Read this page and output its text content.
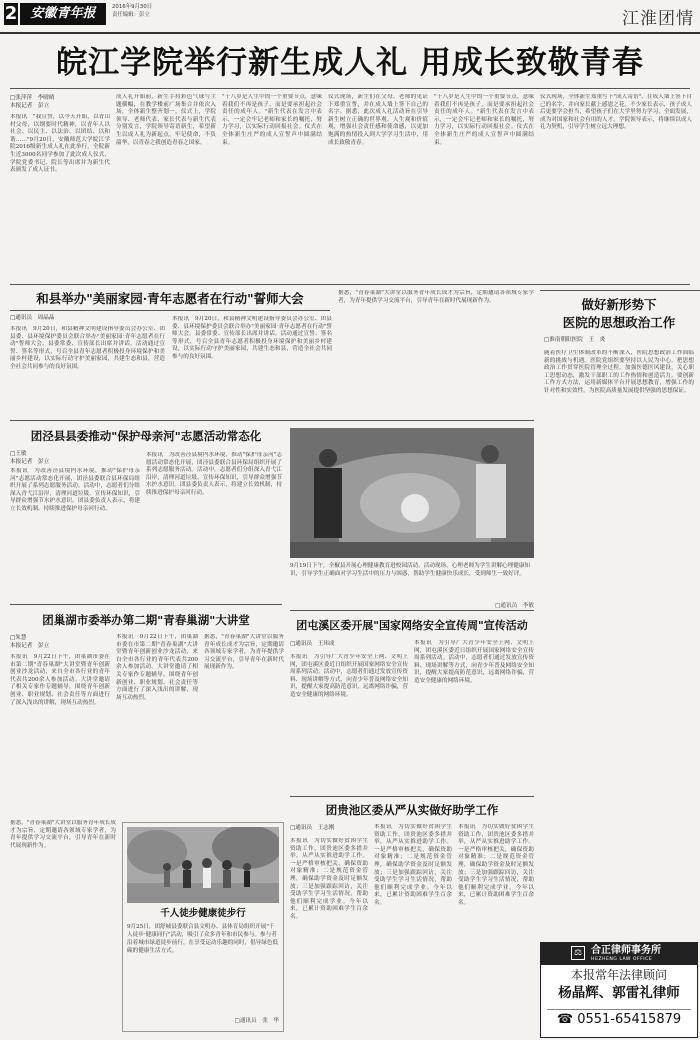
2	安徽青年报	2016年9月30日
责任编辑：彭立	江淮团情
皖江学院举行新生成人礼 用成长致敬青春
□张萍萍　李晴晴
本报记者　彭立
本报讯　"我宣誓，以今天开始，以青山村父母，以纲要时代精神，以青年人以社会、以民主、以法治、以团结、以和谐……"9月20日，安徽师范大学皖江学院2016级新生成人礼在此举行，全院新生近3000名同学参加了此次成人仪式，学院党委书记、院长等出席并为新生代表颁发了成人证书。
成人礼开始前，新生手持彩色气球与主题横幅，在教学楼前广场集合并依次入场，全体新生整齐划一。仪式上，学院领导、老师代表、家长代表与新生代表分别发言，学院领导寄语新生，希望新生以成人礼为新起点，牢记使命，不负韶华，以青春之我创造青春之国家。
"十八岁是人生中的一个重要节点，意味着我们不再是孩子，而是要承担起社会责任的成年人。"新生代表在发言中表示，一定会牢记老师和家长的嘱托，努力学习，以实际行动回报社会。仪式在全体新生庄严的成人宣誓声中圆满结束。
仪式现场，新生们在父母、老师的见证下郑重宣誓，并在成人墙上签下自己的名字。据悉，此次成人礼活动旨在引导新生树立正确的世界观、人生观和价值观，增强社会责任感和使命感，以更加饱满的热情投入到大学学习生活中，用成长致敬青春。
"十八岁是人生中的一个重要节点，意味着我们不再是孩子，而是要承担起社会责任的成年人。"新生代表在发言中表示，一定会牢记老师和家长的嘱托，努力学习，以实际行动回报社会。仪式在全体新生庄严的成人宣誓声中圆满结束。
仪式现场，全体新生郑重写下"成人寄语"，在成人墙上签下自己的名字，并向家长献上感恩之花。不少家长表示，孩子成人后更要学会担当，希望孩子们在大学里努力学习，全面发展，成为对国家和社会有用的人才。学院领导表示，将继续以成人礼为契机，引导学生树立远大理想。
和县举办"美丽家园·青年志愿者在行动"誓师大会
□通讯员　周晶晶
本报讯　9月20日，和县精神文明建设指导委员会办公室、团县委、县环境保护委员会联合举办"美丽家园·青年志愿者在行动"誓师大会。县委常委、宣传部长出席并讲话。活动通过宣誓、签名等形式，号召全县青年志愿者积极投身环境保护和美丽乡村建设，以实际行动守护美丽家园，共建生态和县，营造全社会共同参与的良好氛围。
本报讯　9月20日，和县精神文明建设指导委员会办公室、团县委、县环境保护委员会联合举办"美丽家园·青年志愿者在行动"誓师大会。县委常委、宣传部长出席并讲话。活动通过宣誓、签名等形式，号召全县青年志愿者积极投身环境保护和美丽乡村建设，以实际行动守护美丽家园，共建生态和县，营造全社会共同参与的良好氛围。
据悉，"青春巢湖"大讲堂以服务青年成长成才为宗旨，定期邀请各领域专家学者，为青年提供学习交流平台，引导青年在新时代展现新作为。	做好新形势下
医院的思想政治工作
□淮南朝阳医院　王　炎
随着医疗卫生体制改革的不断深入，医院思想政治工作面临新的挑战与机遇。医院党组织要坚持以人民为中心，把思想政治工作贯穿医院管理全过程，加强医德医风建设，关心职工思想动态，激发干部职工的工作热情和创造活力。要创新工作方式方法，运用新媒体平台开展思想教育，增强工作的针对性和实效性，为医院高质量发展提供坚强的思想保证。
团泾县县委推动"保护母亲河"志愿活动常态化
□王敏
本报记者　彭立
本报讯　为改善泾县境内水环境，推动"保护母亲河"志愿活动常态化开展，团泾县委联合县环保局组织开展了系列志愿服务活动。活动中，志愿者们分组深入青弋江沿岸，清理河道垃圾、宣传环保知识，引导群众增强节水护水意识。团县委负责人表示，将建立长效机制，持续推进保护母亲河行动。
本报讯　为改善泾县境内水环境，推动"保护母亲河"志愿活动常态化开展，团泾县委联合县环保局组织开展了系列志愿服务活动。活动中，志愿者们分组深入青弋江沿岸，清理河道垃圾、宣传环保知识，引导群众增强节水护水意识。团县委负责人表示，将建立长效机制，持续推进保护母亲河行动。
9月19日下午，全椒县开展心理健康教育进校园活动。活动现场，心理老师为学生讲解心理健康知识，引导学生正确面对学习生活中的压力与困惑，帮助学生健康快乐成长，受到师生一致好评。
□通讯员　李敏
团巢湖市委举办第二期"青春巢湖"大讲堂
□朱慧
本报记者　彭立
本报讯　9月22日下午，团巢湖市委在市第二期"青春巢湖"大讲堂暨青年创新创业沙龙活动，来自全市各行业的青年代表共200余人参加活动。大讲堂邀请了相关专家作专题辅导，围绕青年创新创业、职业规划、社会责任等方面进行了深入浅出的讲解，现场互动热烈。
本报讯　9月22日下午，团巢湖市委在市第二期"青春巢湖"大讲堂暨青年创新创业沙龙活动，来自全市各行业的青年代表共200余人参加活动。大讲堂邀请了相关专家作专题辅导，围绕青年创新创业、职业规划、社会责任等方面进行了深入浅出的讲解，现场互动热烈。
据悉，"青春巢湖"大讲堂以服务青年成长成才为宗旨，定期邀请各领域专家学者，为青年提供学习交流平台，引导青年在新时代展现新作为。
团屯溪区委开展"国家网络安全宣传周"宣传活动
□通讯员　王玮成
本报讯　为引导广大青少年安全上网、文明上网，团屯溪区委近日组织开展国家网络安全宣传周系列活动。活动中，志愿者们通过发放宣传资料、现场讲解等方式，向青少年普及网络安全知识，提醒大家提高防范意识，远离网络诈骗，营造安全健康的网络环境。
本报讯　为引导广大青少年安全上网、文明上网，团屯溪区委近日组织开展国家网络安全宣传周系列活动。活动中，志愿者们通过发放宣传资料、现场讲解等方式，向青少年普及网络安全知识，提醒大家提高防范意识，远离网络诈骗，营造安全健康的网络环境。
千人徒步健康徒步行
9月25日，团舒城县委联合县文明办、县体育局组织开展"千人徒步·健康同行"活动，吸引了众多青年和市民参与。参与者沿着城市绿道徒步前行，在享受运动乐趣的同时，倡导绿色低碳的健康生活方式。
□通讯员　张　华
据悉，"青春巢湖"大讲堂以服务青年成长成才为宗旨，定期邀请各领域专家学者，为青年提供学习交流平台，引导青年在新时代展现新作为。
团贵池区委从严从实做好助学工作
□通讯员　王志刚
本报讯　为切实做好贫困学生资助工作，团贵池区委多措并举，从严从实推进助学工作。一是严格审核把关，确保资助对象精准；二是规范资金管理，确保助学资金及时足额发放；三是加强跟踪回访，关注受助学生学习生活情况，帮助他们顺利完成学业。今年以来，已累计资助困难学生百余名。
本报讯　为切实做好贫困学生资助工作，团贵池区委多措并举，从严从实推进助学工作。一是严格审核把关，确保资助对象精准；二是规范资金管理，确保助学资金及时足额发放；三是加强跟踪回访，关注受助学生学习生活情况，帮助他们顺利完成学业。今年以来，已累计资助困难学生百余名。
本报讯　为切实做好贫困学生资助工作，团贵池区委多措并举，从严从实推进助学工作。一是严格审核把关，确保资助对象精准；二是规范资金管理，确保助学资金及时足额发放；三是加强跟踪回访，关注受助学生学习生活情况，帮助他们顺利完成学业。今年以来，已累计资助困难学生百余名。
⚖ 合正律师事务所
HEZHENG LAW OFFICE
本报常年法律顾问
杨晶辉、郭雷礼律师
☎ 0551-65415879
